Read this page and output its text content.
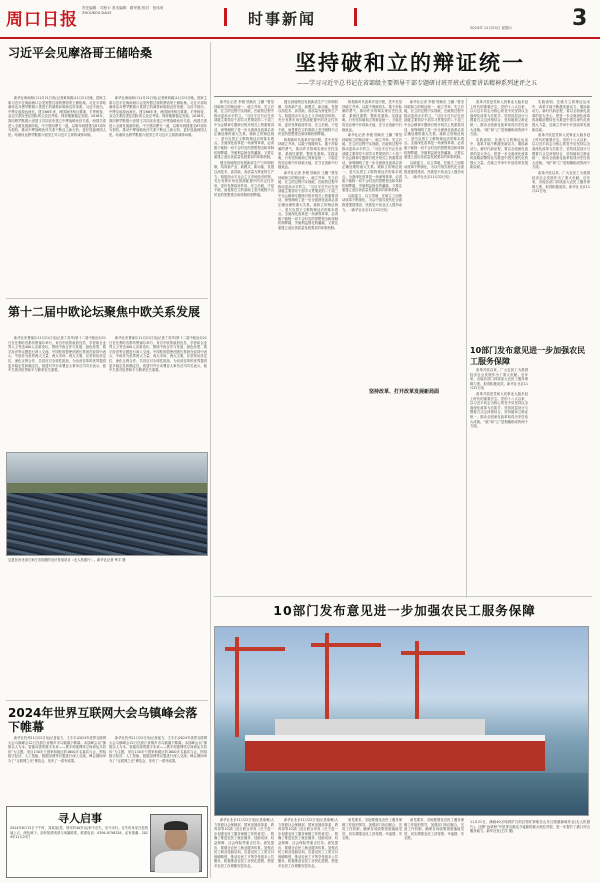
周口日报
责任编辑：司柏卡 美术编辑：路军强 校对：张伟荣
ZHOUKOU DAILY	时事新闻	2024年 11月23日 星期六	3
习近平会见摩洛哥王储哈桑

新华社海南海口11月21日电(记者黄尚霖)11月21日晚，国家主席习近平在海南海口会见短暂过境的摩洛哥王储哈桑。习近平请哈桑转达对穆罕默德六世国王的诚挚问候和良好祝愿。习近平指出，中摩友谊源远流长。建交66年来，两国始终相互尊重、平等相待，双边关系经受住国际风云变幻考验，保持健康稳定发展。2016年，我同穆罕默德六世国王共同宣布建立中摩战略伙伴关系，两国关系进入全面发展新阶段。中方愿同摩方一道，以明年两国建交67周年为契机，推动中摩战略伙伴关系不断迈上新台阶，更好造福两国人民。哈桑转达穆罕默德六世国王对习近平主席的诚挚问候。

新华社海南海口11月21日电(记者黄尚霖)11月21日晚，国家主席习近平在海南海口会见短暂过境的摩洛哥王储哈桑。习近平请哈桑转达对穆罕默德六世国王的诚挚问候和良好祝愿。习近平指出，中摩友谊源远流长。建交66年来，两国始终相互尊重、平等相待，双边关系经受住国际风云变幻考验，保持健康稳定发展。2016年，我同穆罕默德六世国王共同宣布建立中摩战略伙伴关系，两国关系进入全面发展新阶段。中方愿同摩方一道，以明年两国建交67周年为契机，推动中摩战略伙伴关系不断迈上新台阶，更好造福两国人民。哈桑转达穆罕默德六世国王对习近平主席的诚挚问候。

第十二届中欧论坛聚焦中欧关系发展

新华社布鲁塞尔11月21日电(记者丁英华)第十二届中欧论坛21日在比利时首都布鲁塞尔举行，来自中欧的政府官员、学者和企业界人士等近400人出席论坛，围绕中欧合作与发展、绿色转型、数字经济等议题进行深入交流。中国驻欧盟使团团长蔡润在致辞中表示，中欧作为世界两大力量、两大市场、两大文明，应坚持伙伴定位，深化互利合作，共同应对全球性挑战，为动荡变革的世界提供更多稳定性和确定性。欧盟对外行动署亚太事务总司司长表示，欧中关系对世界和平与繁荣至关重要。

新华社布鲁塞尔11月21日电(记者丁英华)第十二届中欧论坛21日在比利时首都布鲁塞尔举行，来自中欧的政府官员、学者和企业界人士等近400人出席论坛，围绕中欧合作与发展、绿色转型、数字经济等议题进行深入交流。中国驻欧盟使团团长蔡润在致辞中表示，中欧作为世界两大力量、两大市场、两大文明，应坚持伙伴定位，深化互利合作，共同应对全球性挑战，为动荡变革的世界提供更多稳定性和确定性。欧盟对外行动署亚太事务总司司长表示，欧中关系对世界和平与繁荣至关重要。

这是在河北省石家庄市拍摄的光伏发电项目（无人机照片）。新华社记者 牟宇 摄
2024年世界互联网大会乌镇峰会落下帷幕

新华社杭州11月22日电(记者崔力、王丰丰)2024年世界互联网大会乌镇峰会22日在浙江省桐乡市乌镇落下帷幕。本届峰会以“拥抱以人为本、智能向善的数字未来——携手构建网络空间命运共同体”为主题，来自130多个国家和地区的1600多名嘉宾与会，围绕数字经济、人工智能、数据治理等议题进行深入交流。峰会期间举办了“互联网之光”博览会，发布了一系列成果。

新华社杭州11月22日电(记者崔力、王丰丰)2024年世界互联网大会乌镇峰会22日在浙江省桐乡市乌镇落下帷幕。本届峰会以“拥抱以人为本、智能向善的数字未来——携手构建网络空间命运共同体”为主题，来自130多个国家和地区的1600多名嘉宾与会，围绕数字经济、人工智能、数据治理等议题进行深入交流。峰会期间举办了“互联网之光”博览会，发布了一系列成果。

寻人启事
2024年8月15日下午时，刘某某(男，现年约40岁)从家中走失，至今未归。走失时身穿白色短袖上衣，深色裤子。如有知情者请与家属联系，联系电话：0394-8756328，必有重谢。2024年11月23日
坚持破和立的辩证统一
——学习习近平总书记在省部级主要领导干部专题研讨班开班式重要讲话精神系列述评之五

新华社记者 李俊 邬焕庆 王鹏 “要坚持破和立的辩证统一，破立并举、先立后破，在立的过程中实现破，在破的过程中推动更高水平的立。”习近平总书记在省部级主要领导干部学习贯彻党的二十届三中全会精神专题研讨班开班式上的重要讲话，深刻阐明了进一步全面深化改革必须正确处理的重大关系。破和立的辩证统一，是马克思主义唯物辩证法的基本观点。全面深化改革是一场深刻革命，必须敢于破除一切不合时宜的思想观念和体制机制弊端，突破利益固化的藩篱，又要注重建立适应高质量发展要求的体制机制。

健全因地制宜发展新质生产力体制机制，培育新产业、新模式、新动能，发展以高技术、高效能、高质量为特征的生产力。构建高水平社会主义市场经济体制，充分发挥市场在资源配置中的决定性作用，更好发挥政府作用。先立后破，不是不破，而是要在立的基础上坚决破除不合时宜的思想观念和体制机制弊端。

健全因地制宜发展新质生产力体制机制，培育新产业、新模式、新动能，发展以高技术、高效能、高质量为特征的生产力。构建高水平社会主义市场经济体制，充分发挥市场在资源配置中的决定性作用，更好发挥政府作用。先立后破，不是不破，而是要在立的基础上坚决破除不合时宜的思想观念和体制机制弊端。

纵观新时代改革开放历程，党中央坚持破立并举，以敢于啃硬骨头、敢于涉险滩的勇气，推动许多领域实现历史性变革、系统性重塑、整体性重构。实践证明，只有坚持破和立的辩证统一，才能在攻坚克难中开辟新天地，在守正创新中行稳致远。

新华社记者 李俊 邬焕庆 王鹏 “要坚持破和立的辩证统一，破立并举、先立后破，在立的过程中实现破，在破的过程中推动更高水平的立。”习近平总书记在省部级主要领导干部学习贯彻党的二十届三中全会精神专题研讨班开班式上的重要讲话，深刻阐明了进一步全面深化改革必须正确处理的重大关系。破和立的辩证统一，是马克思主义唯物辩证法的基本观点。全面深化改革是一场深刻革命，必须敢于破除一切不合时宜的思想观念和体制机制弊端，突破利益固化的藩篱，又要注重建立适应高质量发展要求的体制机制。

纵观新时代改革开放历程，党中央坚持破立并举，以敢于啃硬骨头、敢于涉险滩的勇气，推动许多领域实现历史性变革、系统性重塑、整体性重构。实践证明，只有坚持破和立的辩证统一，才能在攻坚克难中开辟新天地，在守正创新中行稳致远。

新华社记者 李俊 邬焕庆 王鹏 “要坚持破和立的辩证统一，破立并举、先立后破，在立的过程中实现破，在破的过程中推动更高水平的立。”习近平总书记在省部级主要领导干部学习贯彻党的二十届三中全会精神专题研讨班开班式上的重要讲话，深刻阐明了进一步全面深化改革必须正确处理的重大关系。破和立的辩证统一，是马克思主义唯物辩证法的基本观点。全面深化改革是一场深刻革命，必须敢于破除一切不合时宜的思想观念和体制机制弊端，突破利益固化的藩篱，又要注重建立适应高质量发展要求的体制机制。

以破促立、以立带破，在破立之间推动改革不断深化，为以中国式现代化全面推进强国建设、民族复兴伟业注入强劲动力。（新华社北京11月22日电）

新华社记者 李俊 邬焕庆 王鹏 “要坚持破和立的辩证统一，破立并举、先立后破，在立的过程中实现破，在破的过程中推动更高水平的立。”习近平总书记在省部级主要领导干部学习贯彻党的二十届三中全会精神专题研讨班开班式上的重要讲话，深刻阐明了进一步全面深化改革必须正确处理的重大关系。破和立的辩证统一，是马克思主义唯物辩证法的基本观点。全面深化改革是一场深刻革命，必须敢于破除一切不合时宜的思想观念和体制机制弊端，突破利益固化的藩篱，又要注重建立适应高质量发展要求的体制机制。

以破促立、以立带破，在破立之间推动改革不断深化，为以中国式现代化全面推进强国建设、民族复兴伟业注入强劲动力。（新华社北京11月22日电）

坚持改革、打开改革发展新局面

改革开放是党和人民事业大踏步赶上时代的重要法宝。党的十八大以来，以习近平同志为核心的党中央坚持以全面深化改革为总抓手，坚持顶层设计与摸着石头过河相结合，坚持破和立辩证统一，推动全面深化改革取得历史性伟大成就。“破”和“立”是相辅相成的两个方面。

实践表明，在破与立的辩证运动中，改革才能不断激发新活力、增添新动力。新时代新征程，要以全面深化改革的更大决心，把进一步全面深化改革的战略部署转化为推进中国式现代化的强大力量，在破立并举中开创改革发展新局面。

实践表明，在破与立的辩证运动中，改革才能不断激发新活力、增添新动力。新时代新征程，要以全面深化改革的更大决心，把进一步全面深化改革的战略部署转化为推进中国式现代化的强大力量，在破立并举中开创改革发展新局面。

改革开放是党和人民事业大踏步赶上时代的重要法宝。党的十八大以来，以习近平同志为核心的党中央坚持以全面深化改革为总抓手，坚持顶层设计与摸着石头过河相结合，坚持破和立辩证统一，推动全面深化改革取得历史性伟大成就。“破”和“立”是相辅相成的两个方面。

改革开放以来，广大农民工为我国经济社会发展作出了重大贡献。近年来，各地各部门持续加大农民工服务保障力度，取得积极成效。新华社北京11月22日电

10部门发布意见进一步加强农民工服务保障

改革开放以来，广大农民工为我国经济社会发展作出了重大贡献。近年来，各地各部门持续加大农民工服务保障力度，取得积极成效。新华社北京11月22日电

改革开放是党和人民事业大踏步赶上时代的重要法宝。党的十八大以来，以习近平同志为核心的党中央坚持以全面深化改革为总抓手，坚持顶层设计与摸着石头过河相结合，坚持破和立辩证统一，推动全面深化改革取得历史性伟大成就。“破”和“立”是相辅相成的两个方面。

10部门发布意见进一步加强农民工服务保障

新华社北京11月22日电(记者姜琳)人力资源社会保障部、国家发展改革委、教育部等10部门近日联合印发《关于进一步加强农民工服务保障工作的意见》，明确了推进农民工就业服务、技能培训、权益保障、社会保险等重点任务。意见提出，要健全农民工就业服务体系，加强农民工职业技能培训，完善农民工工资支付保障制度，推动农民工平等享受基本公共服务，积极推进农民工市民化进程，使更多农民工在城镇安居乐业。

新华社北京11月22日电(记者姜琳)人力资源社会保障部、国家发展改革委、教育部等10部门近日联合印发《关于进一步加强农民工服务保障工作的意见》，明确了推进农民工就业服务、技能培训、权益保障、社会保险等重点任务。意见提出，要健全农民工就业服务体系，加强农民工职业技能培训，完善农民工工资支付保障制度，推动农民工平等享受基本公共服务，积极推进农民工市民化进程，使更多农民工在城镇安居乐业。

意见要求，各地要强化农民工服务保障工作组织领导，加强部门协同配合，完善工作机制，确保各项政策措施落地见效，切实增强农民工获得感、幸福感、安全感。

意见要求，各地要强化农民工服务保障工作组织领导，加强部门协同配合，完善工作机制，确保各项政策措施落地见效，切实增强农民工获得感、幸福感、安全感。

11月21日，满载40万吨铁矿石的巨型矿砂船在山东日照港卸载作业(无人机照片)。这艘“远荣海”号是青岛港迄今接卸的最大吨位货轮，进一步提升了港口综合服务能力。新华社发(王洋 摄)
